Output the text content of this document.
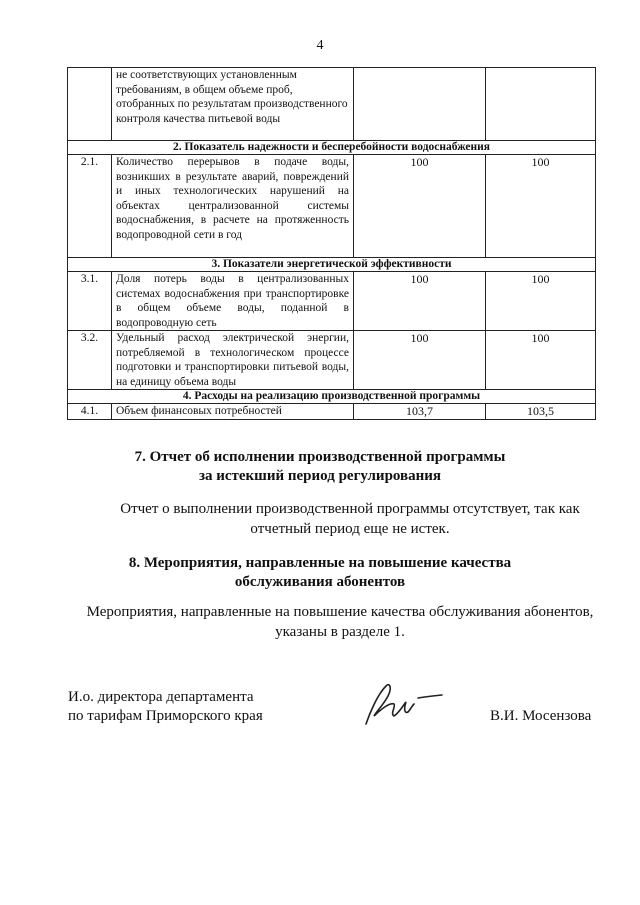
4
	не соответствующих установленным требованиям, в общем объеме проб, отобранных по результатам производственного контроля качества питьевой воды		
2. Показатель надежности и бесперебойности водоснабжения			
2.1.	Количество перерывов в подаче воды, возникших в результате аварий, повреждений и иных технологических нарушений на объектах централизованной системы водоснабжения, в расчете на протяженность водопроводной сети в год	100	100
3. Показатели энергетической эффективности			
3.1.	Доля потерь воды в централизованных системах водоснабжения при транспортировке в общем объеме воды, поданной в водопроводную сеть	100	100
3.2.	Удельный расход электрической энергии, потребляемой в технологическом процессе подготовки и транспортировки питьевой воды, на единицу объема воды	100	100
4. Расходы на реализацию производственной программы			
4.1.	Объем финансовых потребностей	103,7	103,5
7. Отчет об исполнении производственной программы
за истекший период регулирования
Отчет о выполнении производственной программы отсутствует, так как
отчетный период еще не истек.
8. Мероприятия, направленные на повышение качества
обслуживания абонентов
Мероприятия, направленные на повышение качества обслуживания абонентов,
указаны в разделе 1.
И.о. директора департамента
по тарифам Приморского края	В.И. Мосензова
